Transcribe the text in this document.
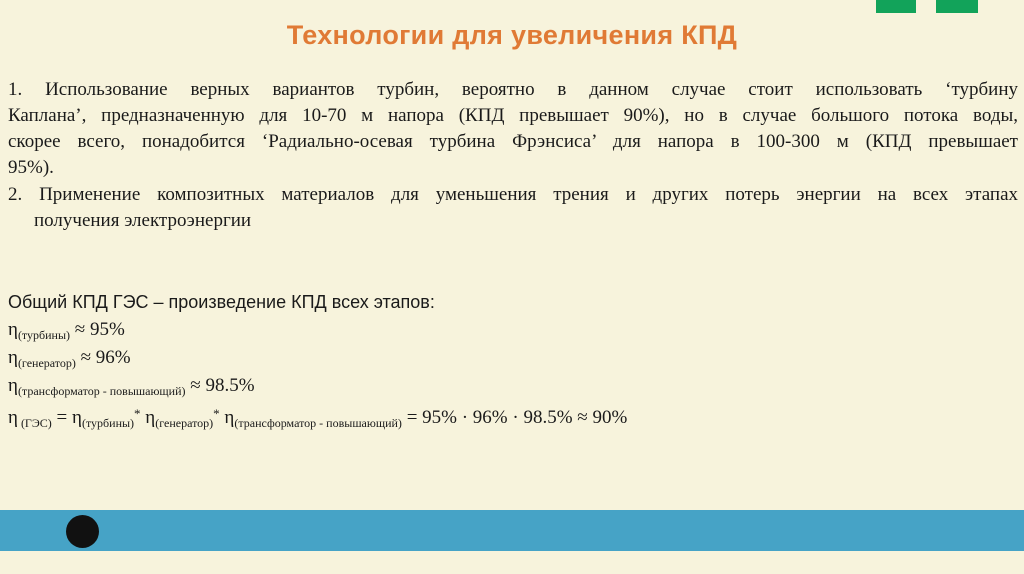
Технологии для увеличения КПД
1. Использование верных вариантов турбин, вероятно в данном случае стоит использовать ‘турбину
Каплана’, предназначенную для 10-70 м напора (КПД превышает 90%), но в случае большого потока воды,
скорее всего, понадобится ‘Радиально-осевая турбина Фрэнсиса’ для напора в 100-300 м (КПД превышает
95%).
2. Применение композитных материалов для уменьшения трения и других потерь энергии на всех этапах
получения электроэнергии
Общий КПД ГЭС – произведение КПД всех этапов:
$\eta_{(турбины)} \approx 95\%$
$\eta_{(генератор)} \approx 96\%$
$\eta_{(трансформатор - повышающий)} \approx 98.5\%$
η $_{(ГЭС)} = \eta_{(турбины)}^*$ $\eta_{(генератор)}^*$ $\eta_{(трансформатор - повышающий)} = 95\% \cdot 96\% \cdot 98.5\% \approx 90\%$
